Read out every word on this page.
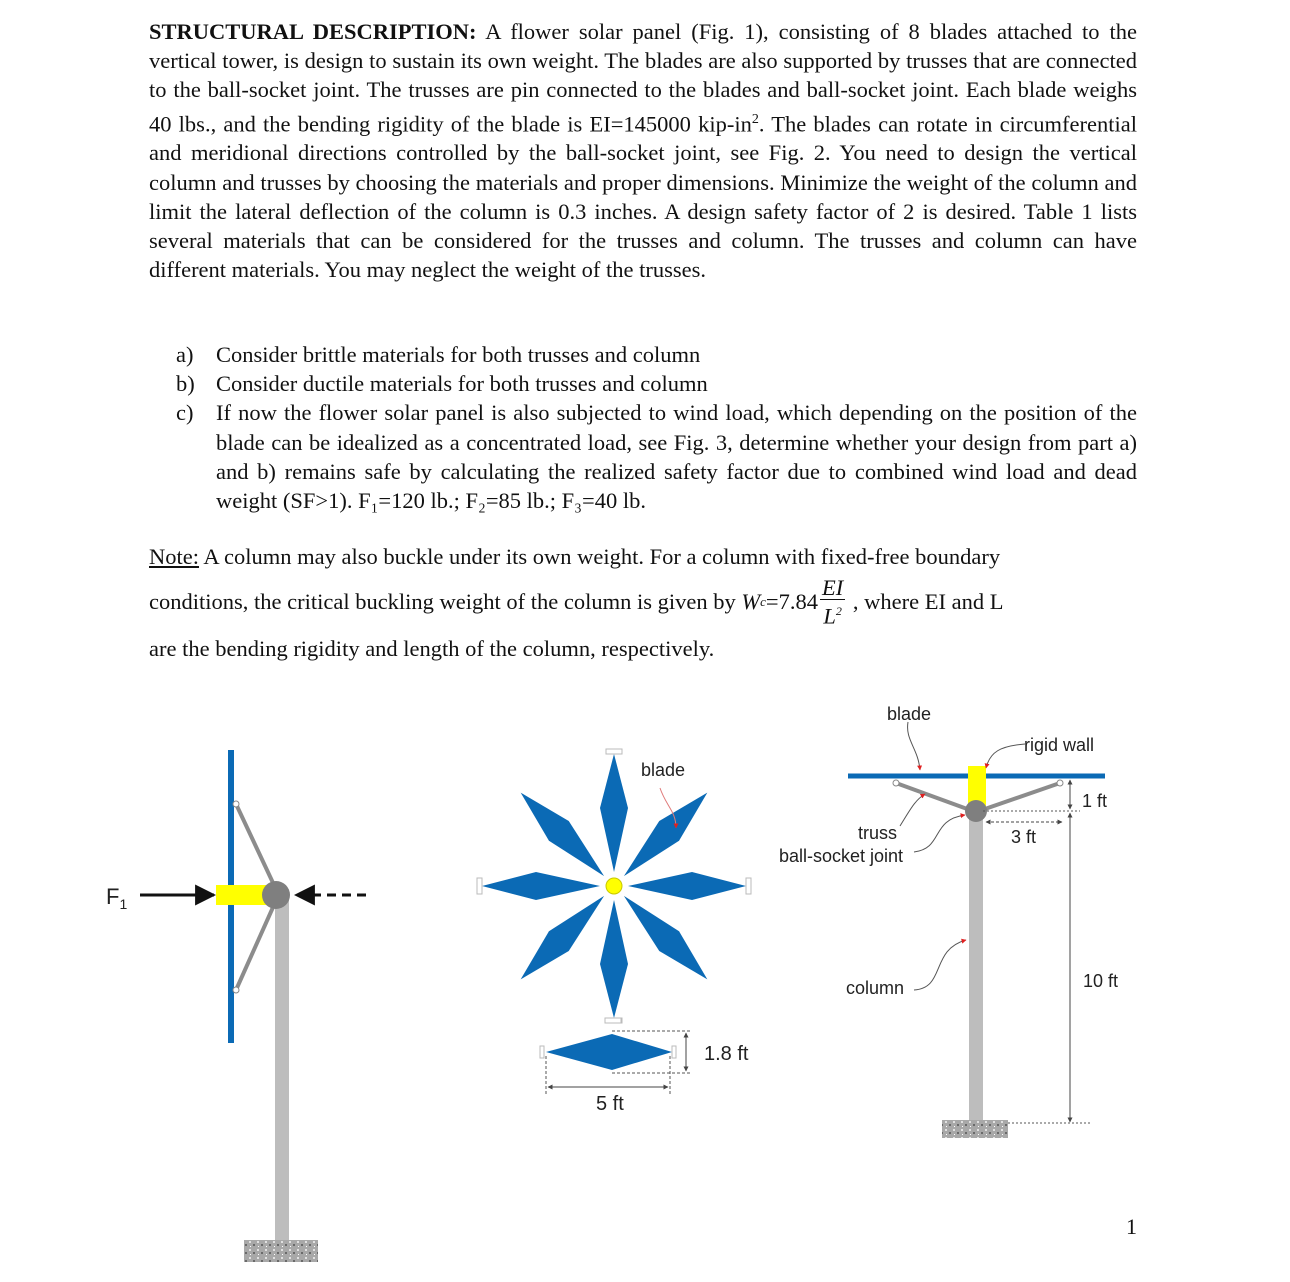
STRUCTURAL DESCRIPTION: A flower solar panel (Fig. 1), consisting of 8 blades attached to the vertical tower, is design to sustain its own weight. The blades are also supported by trusses that are connected to the ball-socket joint. The trusses are pin connected to the blades and ball-socket joint. Each blade weighs 40 lbs., and the bending rigidity of the blade is EI=145000 kip-$in^2$. The blades can rotate in circumferential and meridional directions controlled by the ball-socket joint, see Fig. 2. You need to design the vertical column and trusses by choosing the materials and proper dimensions. Minimize the weight of the column and limit the lateral deflection of the column is 0.3 inches. A design safety factor of 2 is desired. Table 1 lists several materials that can be considered for the trusses and column. The trusses and column can have different materials. You may neglect the weight of the trusses.
a)	Consider brittle materials for both trusses and column
b) Consider ductile materials for both trusses and column
c)	If now the flower solar panel is also subjected to wind load, which depending on the position of the blade can be idealized as a concentrated load, see Fig. 3, determine whether your design from part a) and b) remains safe by calculating the realized safety factor due to combined wind load and dead weight (SF>1). F₁=120 lb.; F₂=85 lb.; F₃=40 lb.
Note: A column may also buckle under its own weight. For a column with fixed-free boundary
conditions, the critical buckling weight of the column is given by
W $c =7.84 \frac{EI}{L^2}$
, where EI and L
are the bending rigidity and length of the column, respectively.
$F_1$
blade
5 ft
1.8 ft
blade
rigid wall
truss
ball-socket joint
column
1 ft
3 ft
10 ft
1
